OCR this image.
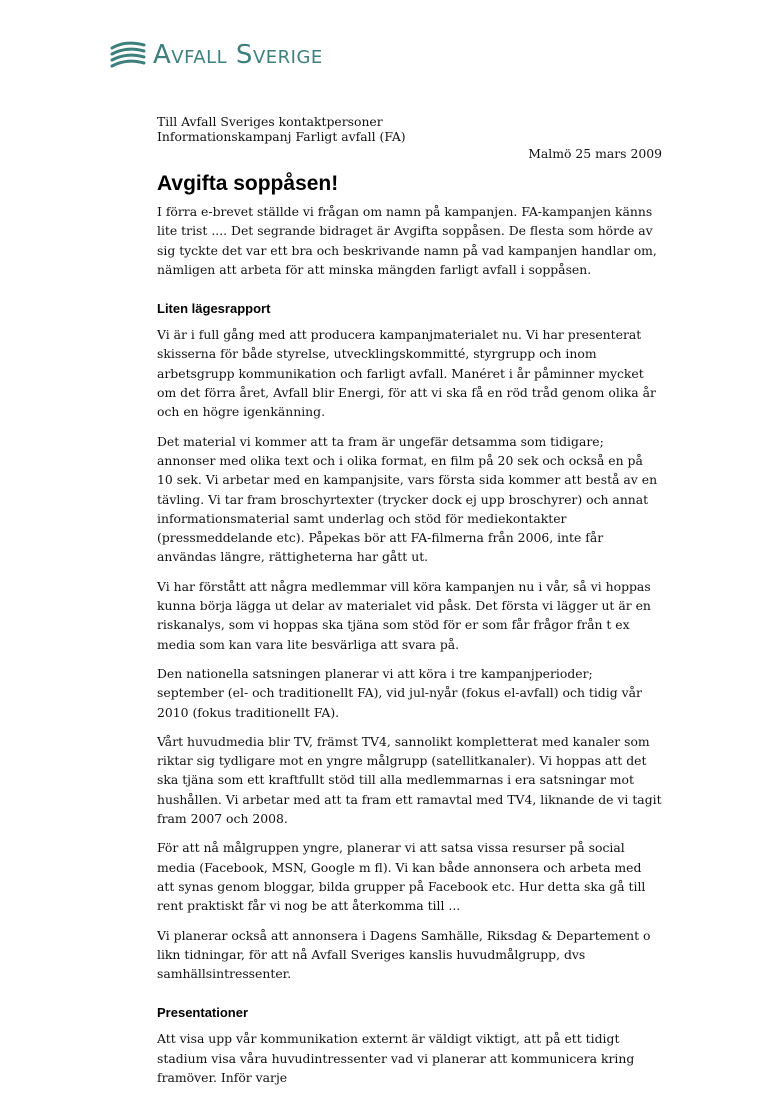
Avfall Sverige
Till Avfall Sveriges kontaktpersoner
Informationskampanj Farligt avfall (FA)
Malmö 25 mars 2009
Avgifta soppåsen!

I förra e-brevet ställde vi frågan om namn på kampanjen. FA-kampanjen känns lite trist .... Det segrande bidraget är Avgifta soppåsen. De flesta som hörde av sig tyckte det var ett bra och beskrivande namn på vad kampanjen handlar om, nämligen att arbeta för att minska mängden farligt avfall i soppåsen.

Liten lägesrapport

Vi är i full gång med att producera kampanjmaterialet nu. Vi har presenterat skisserna för både styrelse, utvecklingskommitté, styrgrupp och inom arbetsgrupp kommunikation och farligt avfall. Manéret i år påminner mycket om det förra året, Avfall blir Energi, för att vi ska få en röd tråd genom olika år och en högre igenkänning.

Det material vi kommer att ta fram är ungefär detsamma som tidigare; annonser med olika text och i olika format, en film på 20 sek och också en på 10 sek. Vi arbetar med en kampanjsite, vars första sida kommer att bestå av en tävling. Vi tar fram broschyrtexter (trycker dock ej upp broschyrer) och annat informationsmaterial samt underlag och stöd för mediekontakter (pressmeddelande etc). Påpekas bör att FA-filmerna från 2006, inte får användas längre, rättigheterna har gått ut.

Vi har förstått att några medlemmar vill köra kampanjen nu i vår, så vi hoppas kunna börja lägga ut delar av materialet vid påsk. Det första vi lägger ut är en riskanalys, som vi hoppas ska tjäna som stöd för er som får frågor från t ex media som kan vara lite besvärliga att svara på.

Den nationella satsningen planerar vi att köra i tre kampanjperioder; september (el- och traditionellt FA), vid jul-nyår (fokus el-avfall) och tidig vår 2010 (fokus traditionellt FA).

Vårt huvudmedia blir TV, främst TV4, sannolikt kompletterat med kanaler som riktar sig tydligare mot en yngre målgrupp (satellitkanaler). Vi hoppas att det ska tjäna som ett kraftfullt stöd till alla medlemmarnas i era satsningar mot hushållen. Vi arbetar med att ta fram ett ramavtal med TV4, liknande de vi tagit fram 2007 och 2008.

För att nå målgruppen yngre, planerar vi att satsa vissa resurser på social media (Facebook, MSN, Google m fl). Vi kan både annonsera och arbeta med att synas genom bloggar, bilda grupper på Facebook etc. Hur detta ska gå till rent praktiskt får vi nog be att återkomma till ...

Vi planerar också att annonsera i Dagens Samhälle, Riksdag & Departement o likn tidningar, för att nå Avfall Sveriges kanslis huvudmålgrupp, dvs samhällsintressenter.

Presentationer

Att visa upp vår kommunikation externt är väldigt viktigt, att på ett tidigt stadium visa våra huvudintressenter vad vi planerar att kommunicera kring framöver. Inför varje
